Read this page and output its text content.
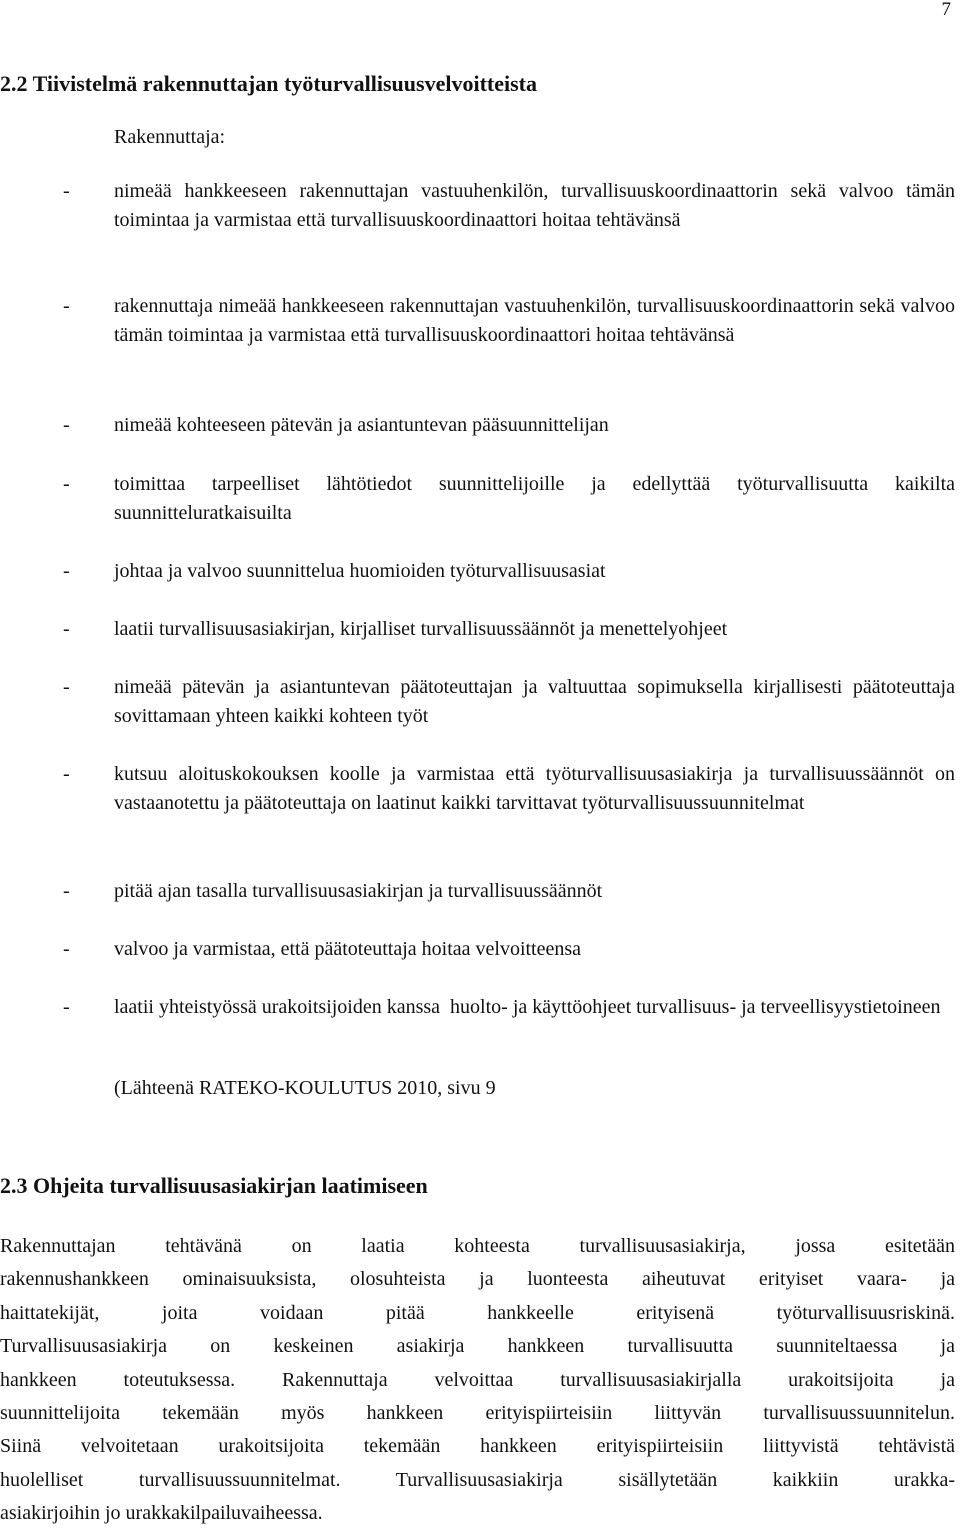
7
2.2 Tiivistelmä rakennuttajan työturvallisuusvelvoitteista
Rakennuttaja:
- nimeää hankkeeseen rakennuttajan vastuuhenkilön, turvallisuuskoordinaattorin sekä valvoo tämän toimintaa ja varmistaa että turvallisuuskoordinaattori hoitaa tehtävänsä
- rakennuttaja nimeää hankkeeseen rakennuttajan vastuuhenkilön, turvallisuuskoordinaattorin sekä valvoo tämän toimintaa ja varmistaa että turvallisuuskoordinaattori hoitaa tehtävänsä
- nimeää kohteeseen pätevän ja asiantuntevan pääsuunnittelijan
- toimittaa tarpeelliset lähtötiedot suunnittelijoille ja edellyttää työturvallisuutta kaikilta suunnitteluratkaisuilta
- johtaa ja valvoo suunnittelua huomioiden työturvallisuusasiat
- laatii turvallisuusasiakirjan, kirjalliset turvallisuussäännöt ja menettelyohjeet
- nimeää pätevän ja asiantuntevan päätoteuttajan ja valtuuttaa sopimuksella kirjallisesti päätoteuttaja sovittamaan yhteen kaikki kohteen työt
- kutsuu aloituskokouksen koolle ja varmistaa että työturvallisuusasiakirja ja turvallisuussäännöt on vastaanotettu ja päätoteuttaja on laatinut kaikki tarvittavat työturvallisuussuunnitelmat
- pitää ajan tasalla turvallisuusasiakirjan ja turvallisuussäännöt
- valvoo ja varmistaa, että päätoteuttaja hoitaa velvoitteensa
- laatii yhteistyössä urakoitsijoiden kanssa  huolto- ja käyttöohjeet turvallisuus- ja terveellisyystietoineen
(Lähteenä RATEKO-KOULUTUS 2010, sivu 9
2.3 Ohjeita turvallisuusasiakirjan laatimiseen
Rakennuttajan tehtävänä on laatia kohteesta turvallisuusasiakirja, jossa esitetään
rakennushankkeen ominaisuuksista, olosuhteista ja luonteesta aiheutuvat erityiset vaara- ja
haittatekijät, joita voidaan pitää hankkeelle erityisenä työturvallisuusriskinä.
Turvallisuusasiakirja on keskeinen asiakirja hankkeen turvallisuutta suunniteltaessa ja
hankkeen toteutuksessa. Rakennuttaja velvoittaa turvallisuusasiakirjalla urakoitsijoita ja
suunnittelijoita tekemään myös hankkeen erityispiirteisiin liittyvän turvallisuussuunnitelun.
Siinä velvoitetaan urakoitsijoita tekemään hankkeen erityispiirteisiin liittyvistä tehtävistä
huolelliset turvallisuussuunnitelmat. Turvallisuusasiakirja sisällytetään kaikkiin urakka-
asiakirjoihin jo urakkakilpailuvaiheessa.
